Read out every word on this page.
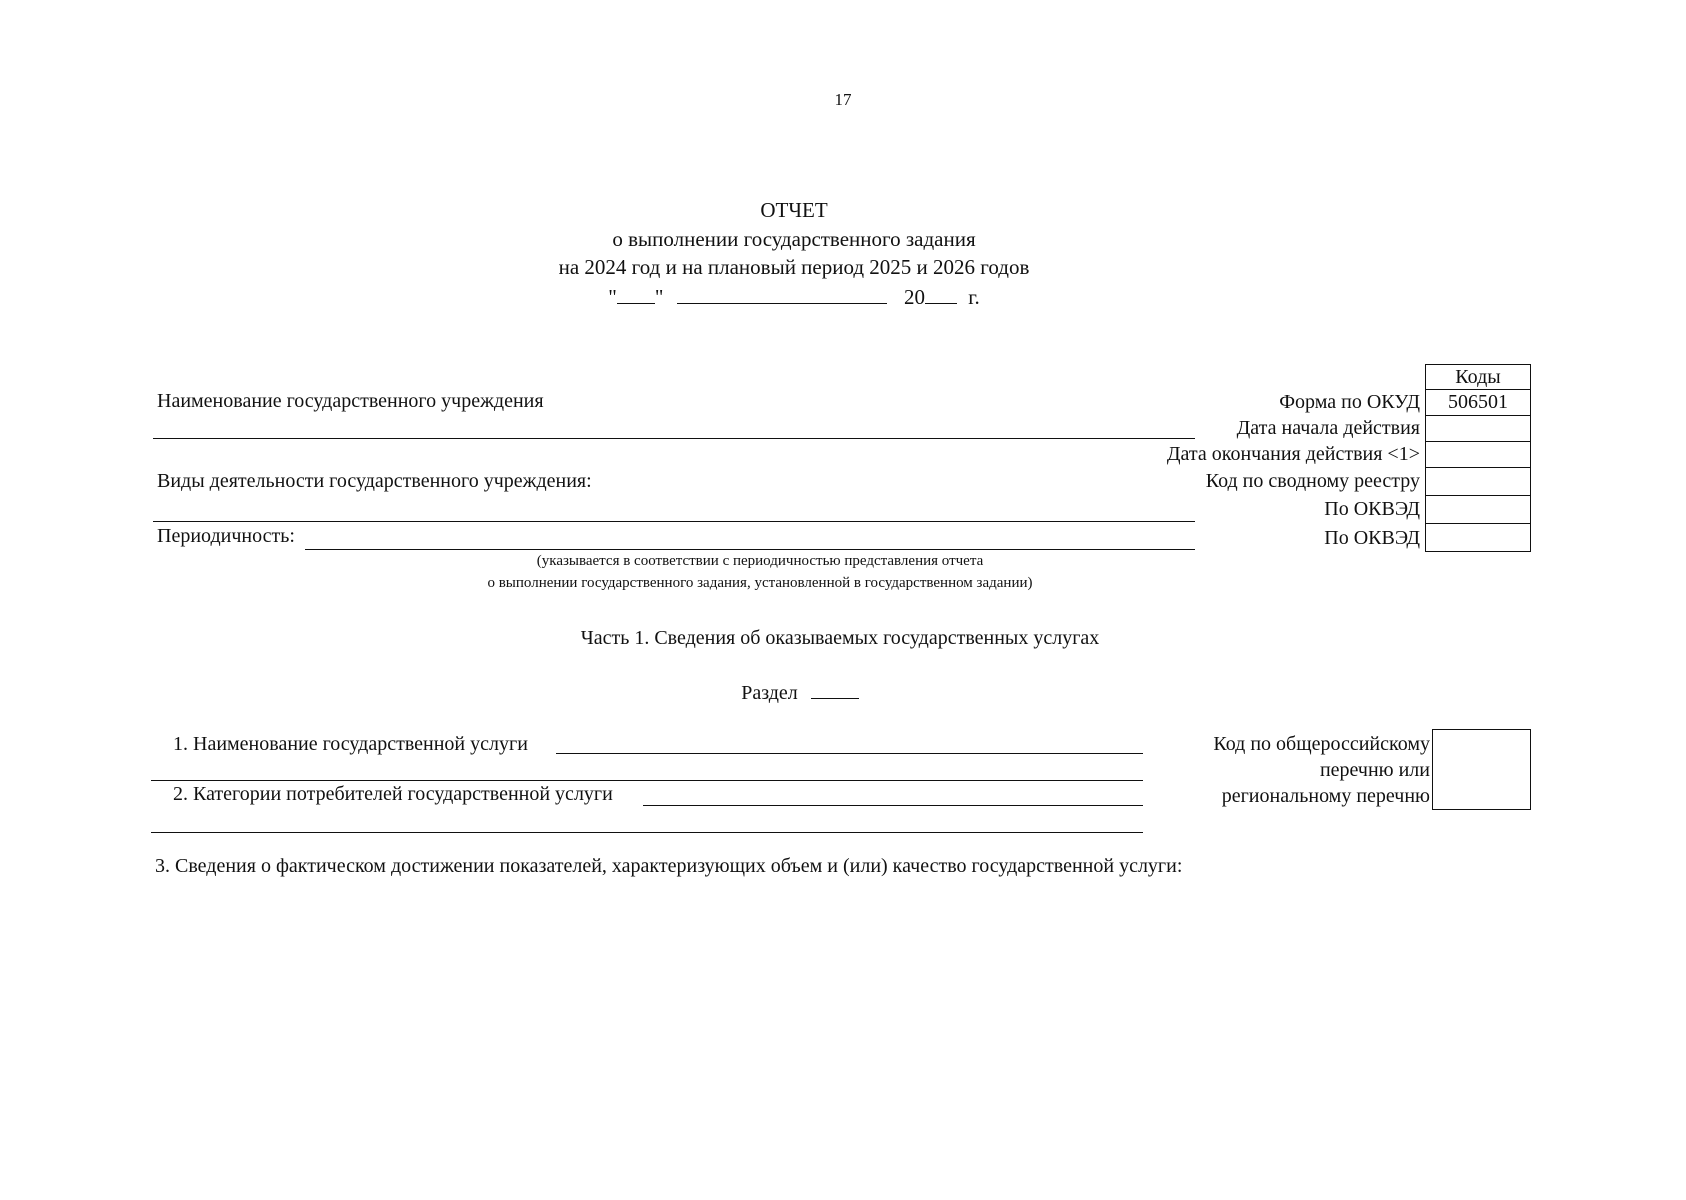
17
ОТЧЕТ
о выполнении государственного задания
на 2024 год и на плановый период 2025 и 2026 годов
" "	20 г.
Коды
506501
Форма по ОКУД
Дата начала действия
Дата окончания действия <1>
Код по сводному реестру
По ОКВЭД
По ОКВЭД
Наименование государственного учреждения
Виды деятельности государственного учреждения:
Периодичность:
(указывается в соответствии с периодичностью представления отчета
о выполнении государственного задания, установленной в государственном задании)
Часть 1. Сведения об оказываемых государственных услугах
Раздел
1. Наименование государственной услуги
2. Категории потребителей государственной услуги
Код по общероссийскому
перечню или
региональному перечню
3. Сведения о фактическом достижении показателей, характеризующих объем и (или) качество государственной услуги:
